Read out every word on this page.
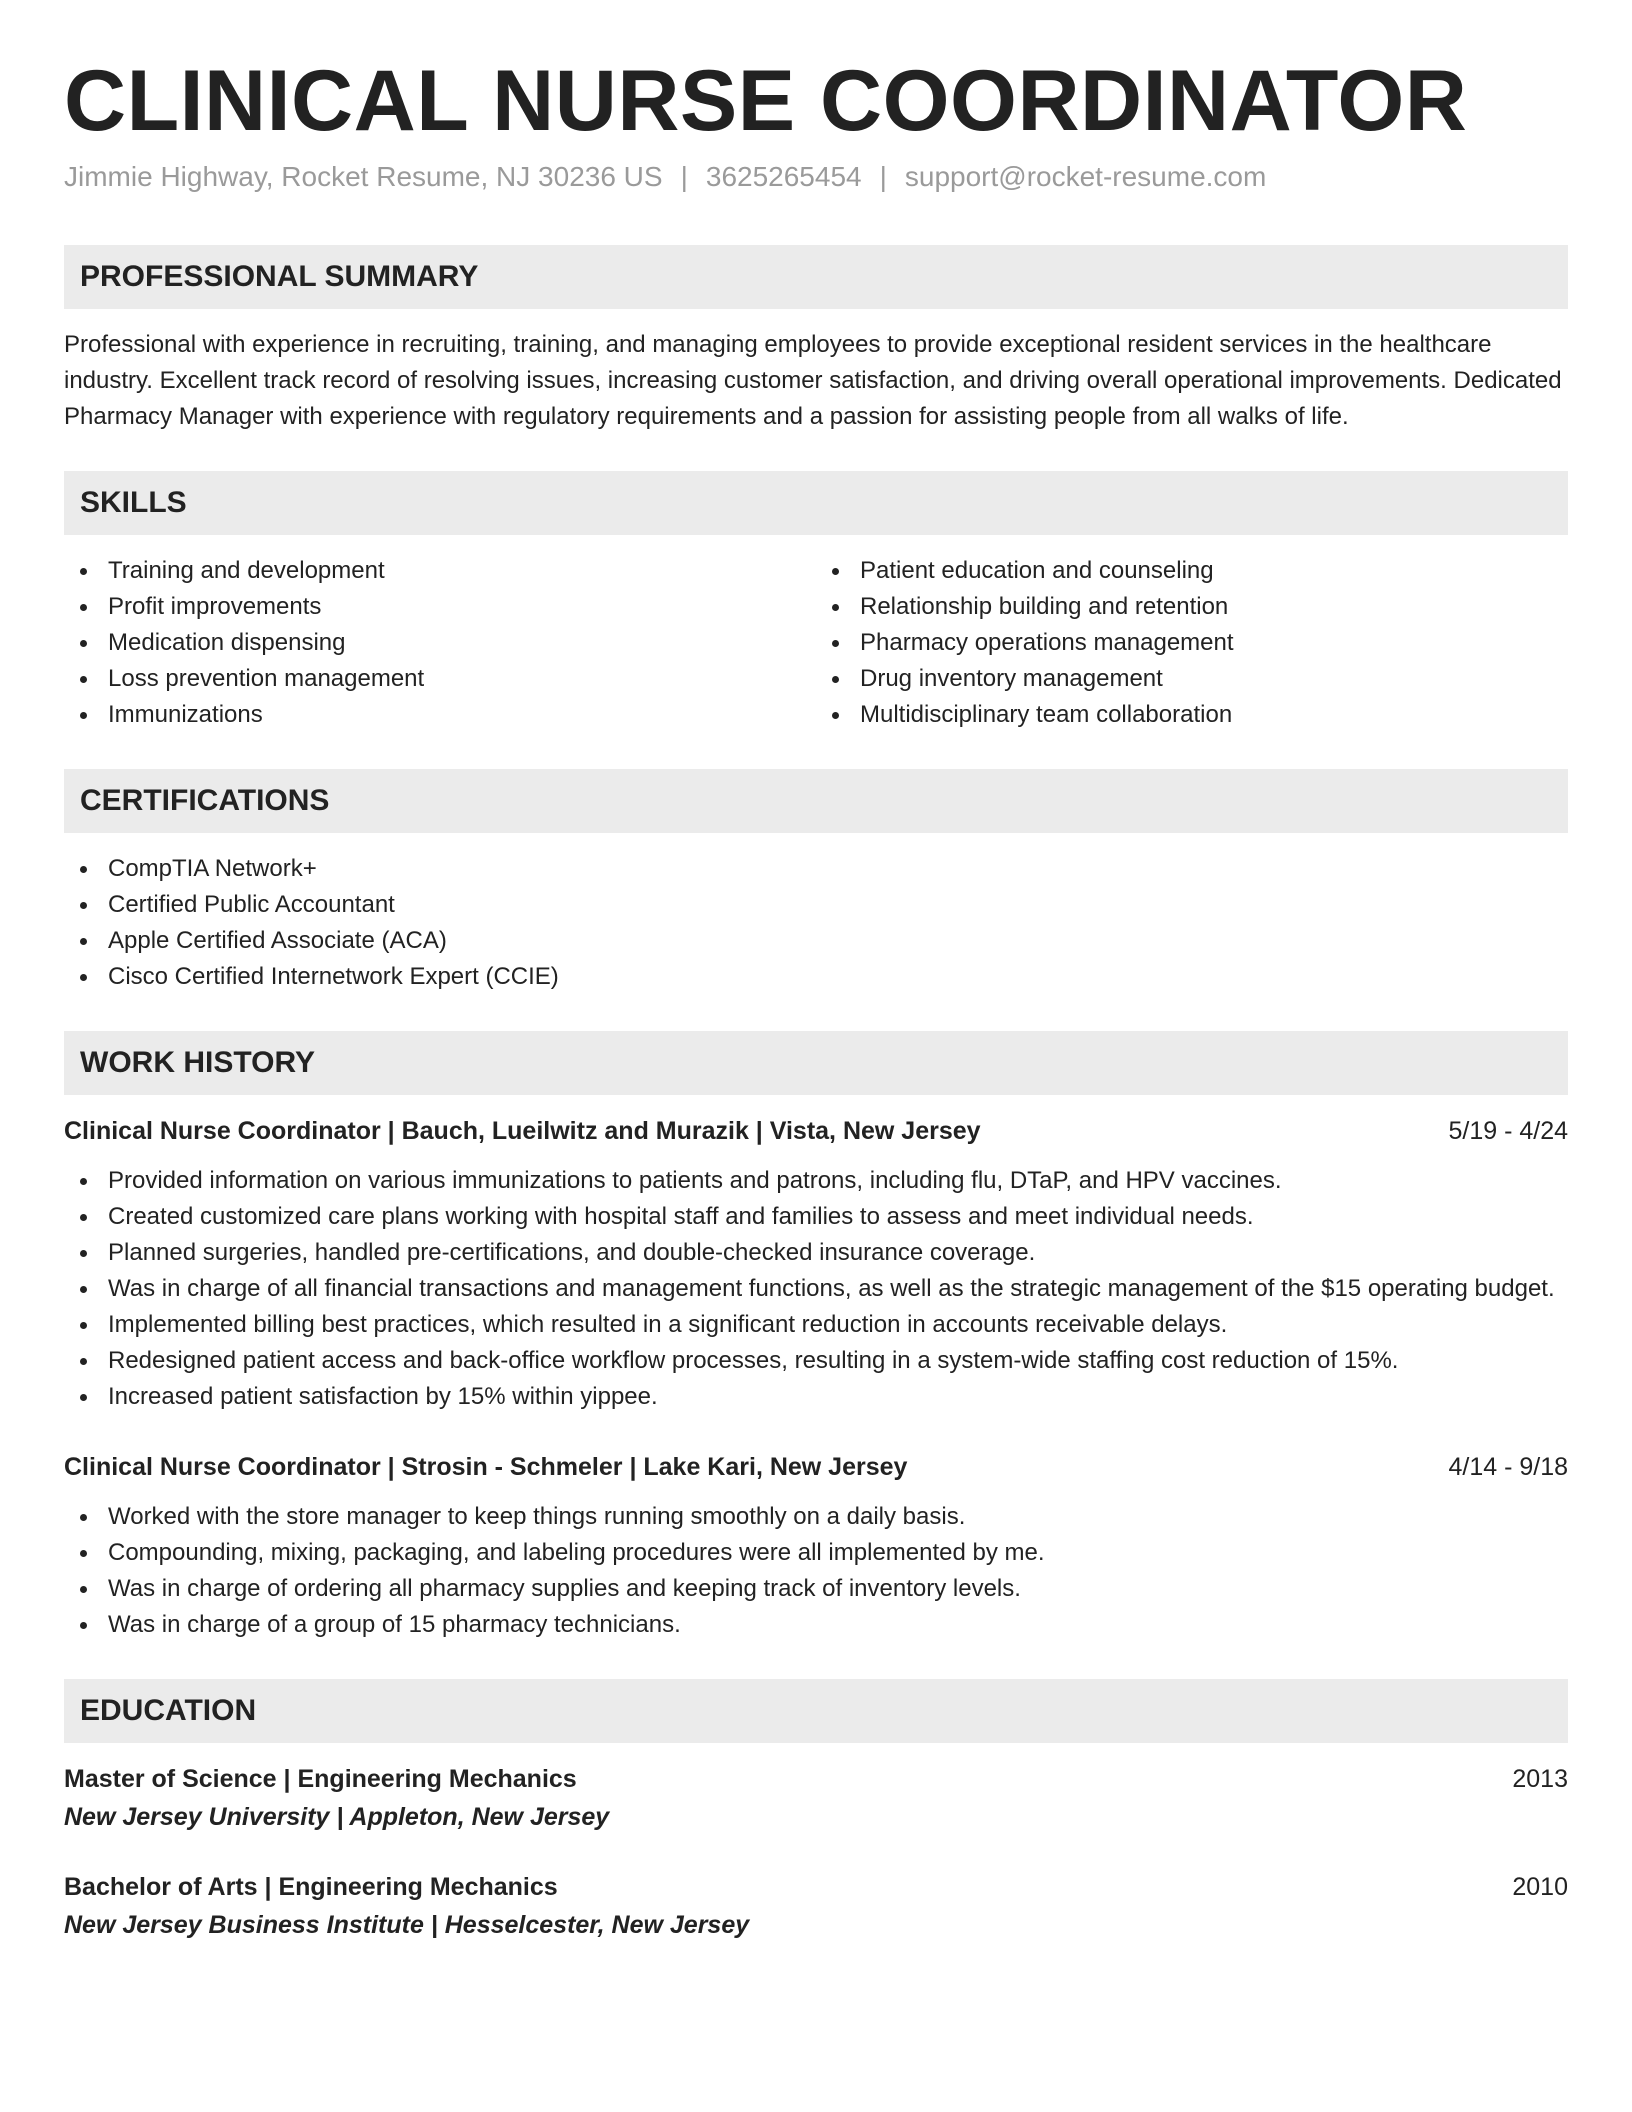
CLINICAL NURSE COORDINATOR
Jimmie Highway, Rocket Resume, NJ 30236 US | 3625265454 | support@rocket-resume.com
PROFESSIONAL SUMMARY

Professional with experience in recruiting, training, and managing employees to provide exceptional resident services in the healthcare industry. Excellent track record of resolving issues, increasing customer satisfaction, and driving overall operational improvements. Dedicated Pharmacy Manager with experience with regulatory requirements and a passion for assisting people from all walks of life.

SKILLS
Training and development
Profit improvements
Medication dispensing
Loss prevention management
Immunizations
Patient education and counseling
Relationship building and retention
Pharmacy operations management
Drug inventory management
Multidisciplinary team collaboration
CERTIFICATIONS
CompTIA Network+
Certified Public Accountant
Apple Certified Associate (ACA)
Cisco Certified Internetwork Expert (CCIE)
WORK HISTORY
Clinical Nurse Coordinator | Bauch, Lueilwitz and Murazik | Vista, New Jersey	5/19 - 4/24
Provided information on various immunizations to patients and patrons, including flu, DTaP, and HPV vaccines.
Created customized care plans working with hospital staff and families to assess and meet individual needs.
Planned surgeries, handled pre-certifications, and double-checked insurance coverage.
Was in charge of all financial transactions and management functions, as well as the strategic management of the $15 operating budget.
Implemented billing best practices, which resulted in a significant reduction in accounts receivable delays.
Redesigned patient access and back-office workflow processes, resulting in a system-wide staffing cost reduction of 15%.
Increased patient satisfaction by 15% within yippee.
Clinical Nurse Coordinator | Strosin - Schmeler | Lake Kari, New Jersey	4/14 - 9/18
Worked with the store manager to keep things running smoothly on a daily basis.
Compounding, mixing, packaging, and labeling procedures were all implemented by me.
Was in charge of ordering all pharmacy supplies and keeping track of inventory levels.
Was in charge of a group of 15 pharmacy technicians.
EDUCATION
Master of Science | Engineering Mechanics	2013
New Jersey University | Appleton, New Jersey
Bachelor of Arts | Engineering Mechanics	2010
New Jersey Business Institute | Hesselcester, New Jersey
